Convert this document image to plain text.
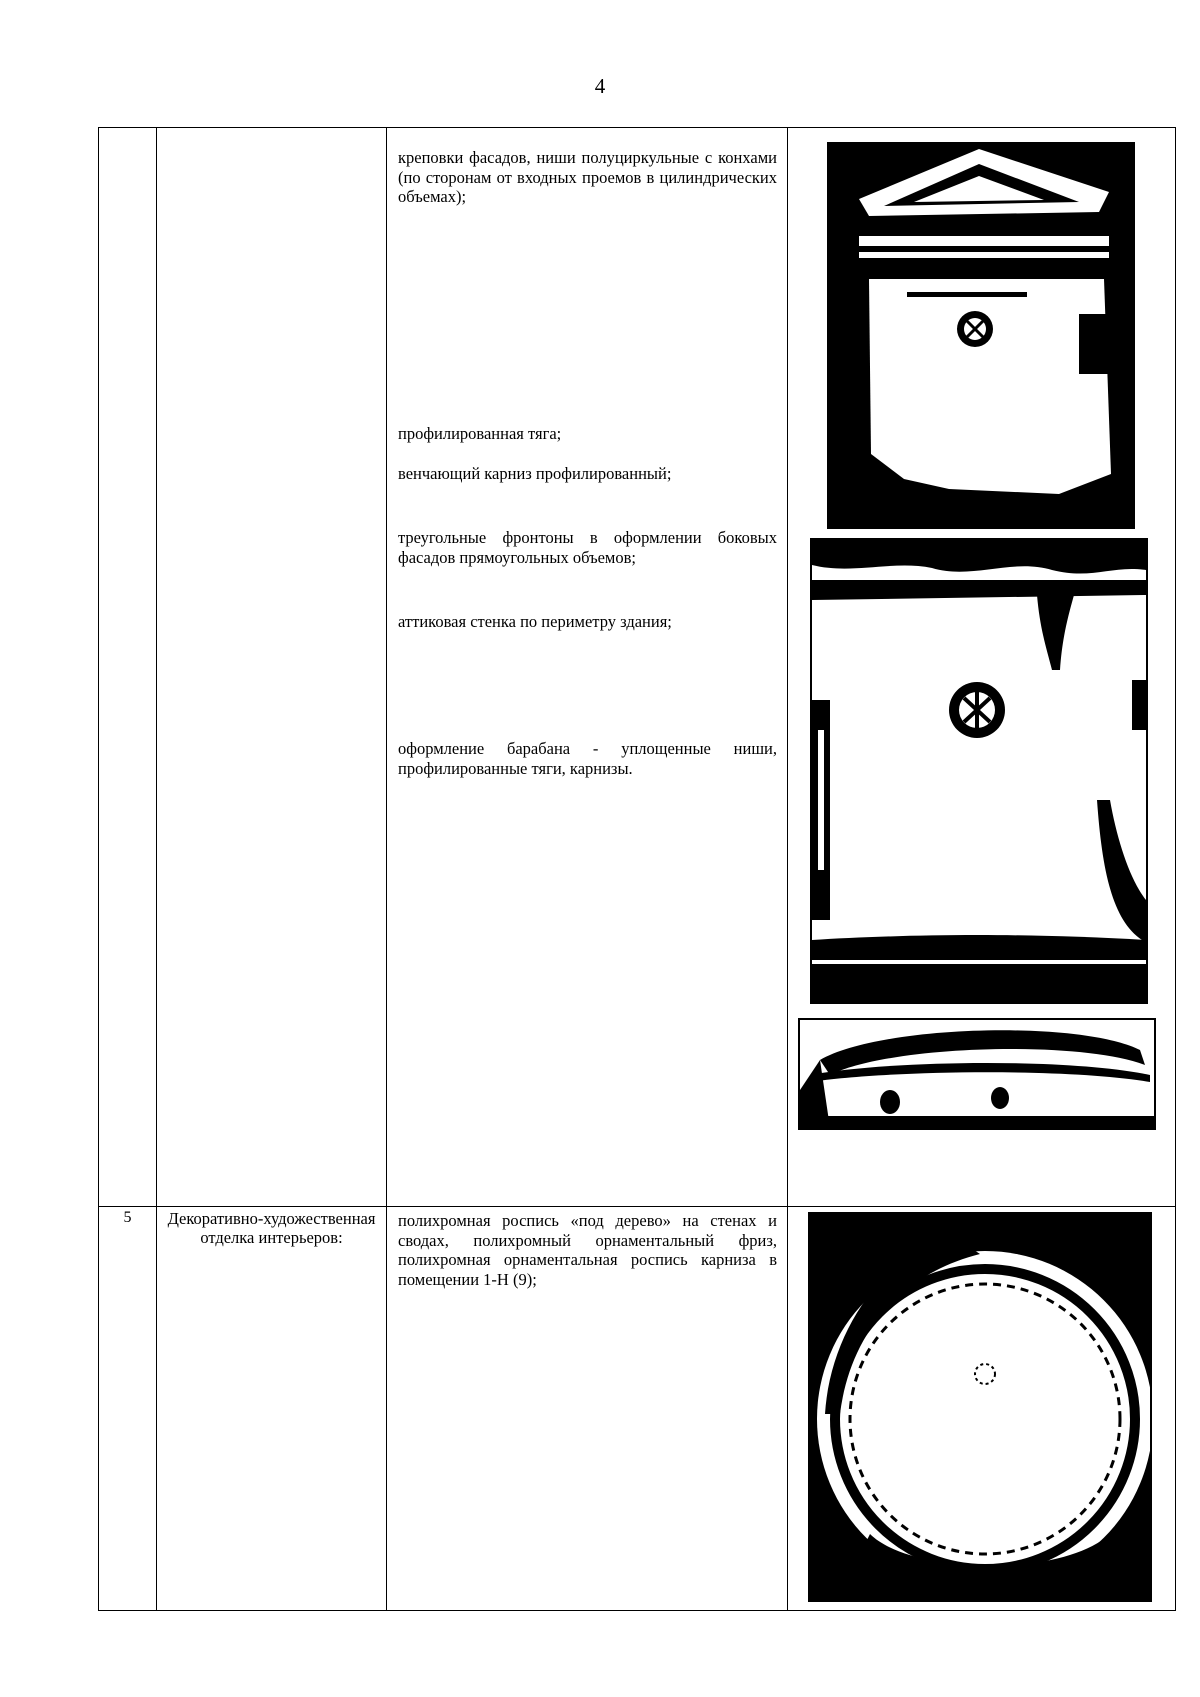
4
креповки фасадов, ниши полуциркульные с конхами (по сторонам от входных проемов в цилиндрических объемах);
профилированная тяга;
венчающий карниз профилированный;
треугольные фронтоны в оформлении боковых фасадов прямоугольных объемов;
аттиковая стенка по периметру здания;
оформление барабана - уплощенные ниши, профилированные тяги, карнизы.
5	Декоративно-художественная отделка интерьеров:
полихромная роспись «под дерево» на стенах и сводах, полихромный орнаментальный фриз, полихромная орнаментальная роспись карниза в помещении 1-Н (9);
